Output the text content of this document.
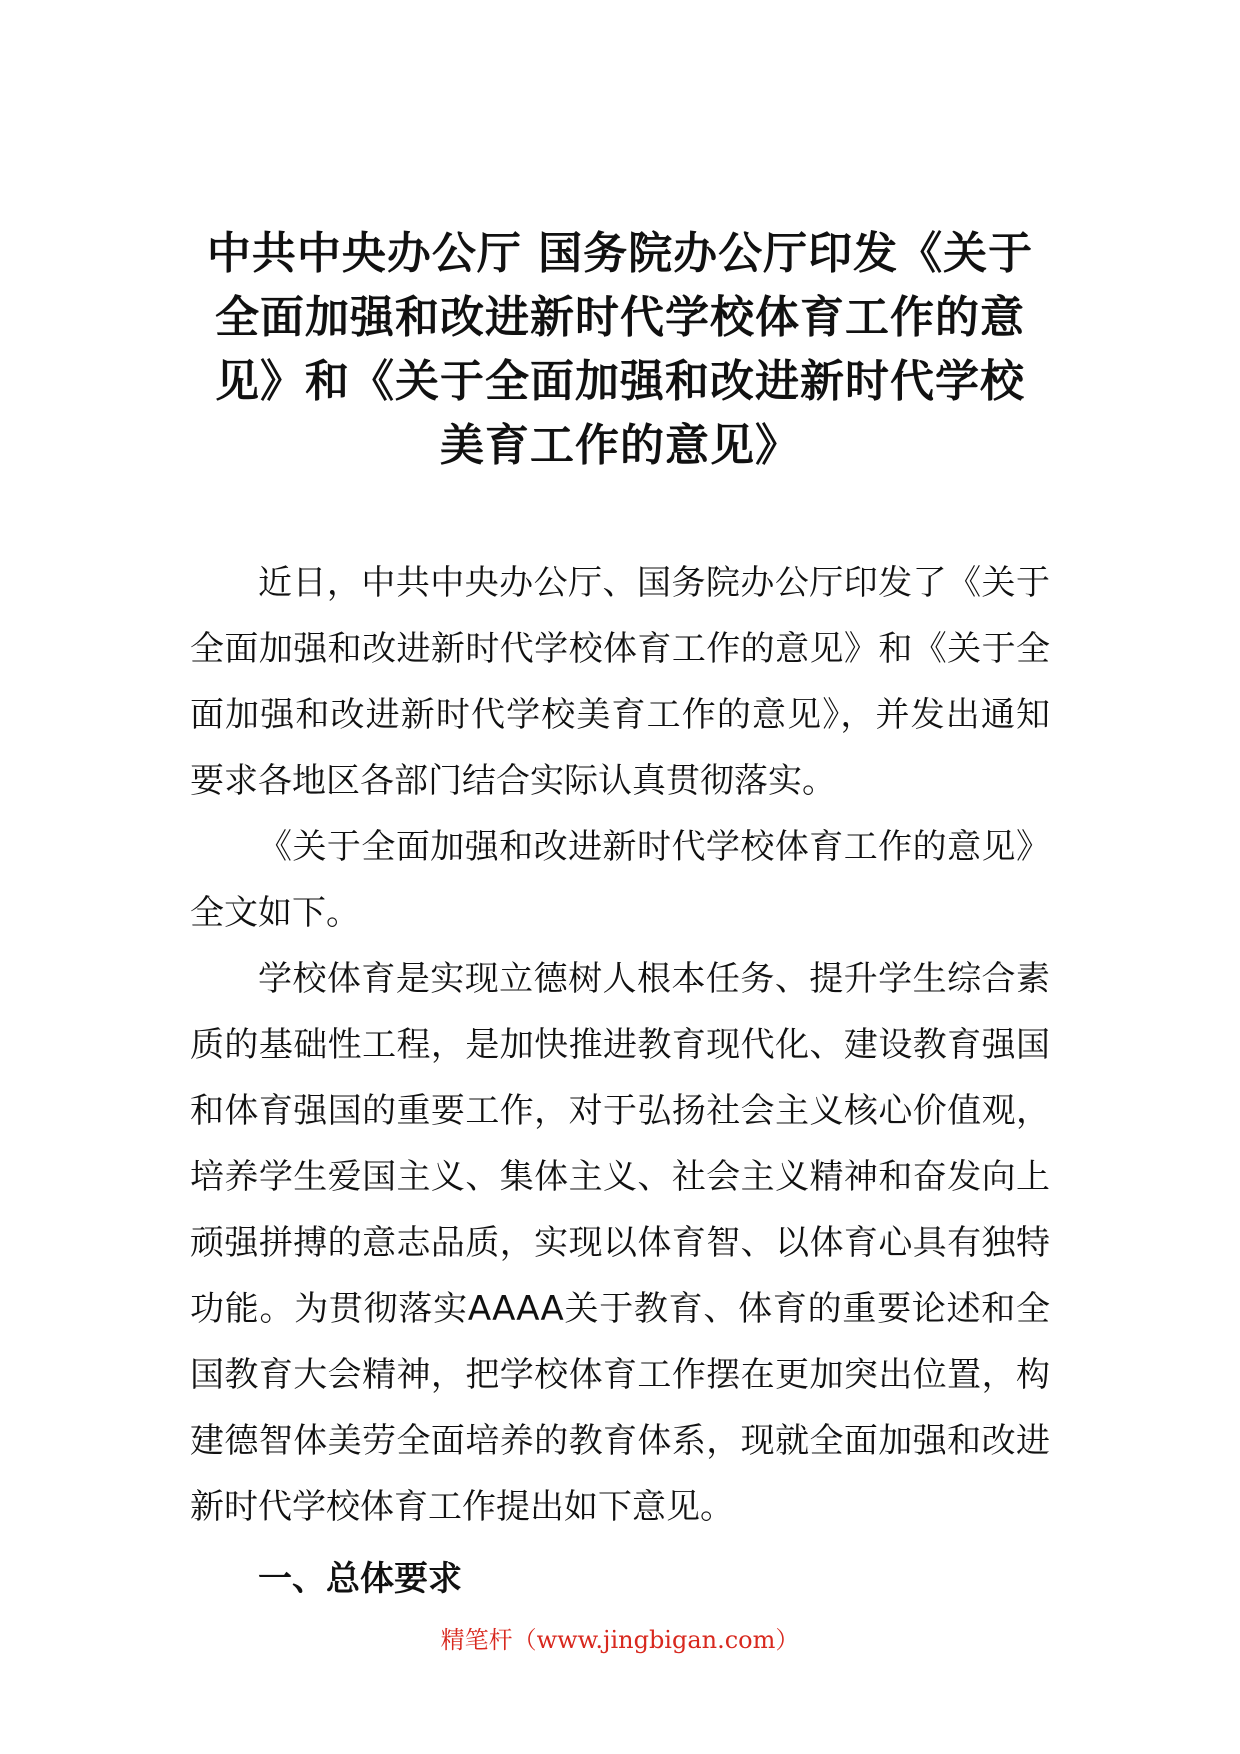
中共中央办公厅 国务院办公厅印发《关于
全面加强和改进新时代学校体育工作的意
见》和《关于全面加强和改进新时代学校
美育工作的意见》

近日，中共中央办公厅、国务院办公厅印发了《关于全面加强和改进新时代学校体育工作的意见》和《关于全面加强和改进新时代学校美育工作的意见》，并发出通知要求各地区各部门结合实际认真贯彻落实。

《关于全面加强和改进新时代学校体育工作的意见》全文如下。

学校体育是实现立德树人根本任务、提升学生综合素质的基础性工程，是加快推进教育现代化、建设教育强国和体育强国的重要工作，对于弘扬社会主义核心价值观，培养学生爱国主义、集体主义、社会主义精神和奋发向上顽强拼搏的意志品质，实现以体育智、以体育心具有独特功能。为贯彻落实AAAA关于教育、体育的重要论述和全国教育大会精神，把学校体育工作摆在更加突出位置，构建德智体美劳全面培养的教育体系，现就全面加强和改进新时代学校体育工作提出如下意见。

一、总体要求

精笔杆（www.jingbigan.com）
